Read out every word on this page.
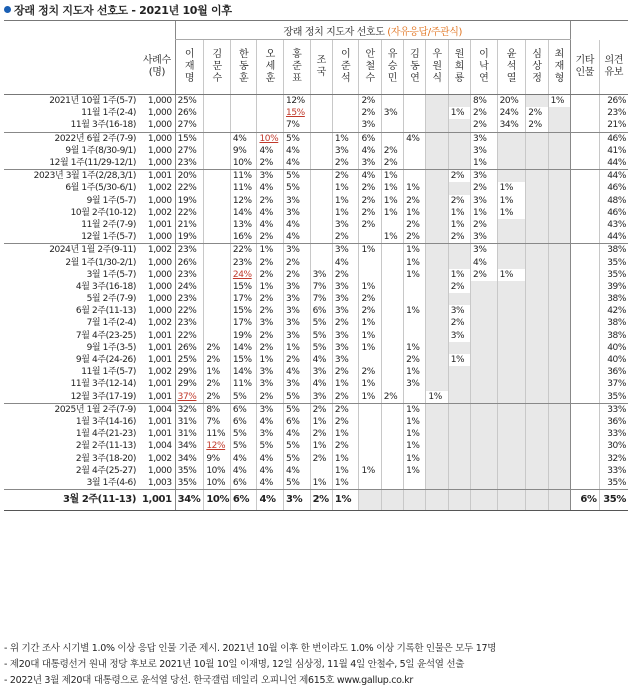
장래 정치 지도자 선호도 - 2021년 10월 이후
		장래 정치 지도자 선호도 (자유응답/주관식)																	
	사례수 (명)	이재명	김문수	한동훈	오세훈	홍준표	조국	이준석	안철수	유승민	김동연	우원식	원희룡	이낙연	윤석열	심상정	최재형	기타 인물	의견 유보
2021년 10월 1주(5-7)	1,000	25%				12%			2%					8%	20%		1%		26%
11월 1주(2-4)	1,000	26%				15%			2%	3%			1%	2%	24%	2%			23%
11월 3주(16-18)	1,000	27%				7%			3%					2%	34%	2%			21%
2022년 6월 2주(7-9)	1,000	15%		4%	10%	5%		1%	6%		4%			3%					46%
9월 1주(8/30-9/1)	1,000	27%		9%	4%	4%		3%	4%	2%				3%					41%
12월 1주(11/29-12/1)	1,000	23%		10%	2%	4%		2%	3%	2%				1%					44%
2023년 3월 1주(2/28,3/1)	1,001	20%		11%	3%	5%		2%	4%	1%			2%	3%					44%
6월 1주(5/30-6/1)	1,002	22%		11%	4%	5%		1%	2%	1%	1%			2%	1%				46%
9월 1주(5-7)	1,000	19%		12%	2%	3%		1%	2%	1%	2%		2%	3%	1%				48%
10월 2주(10-12)	1,002	22%		14%	4%	3%		1%	2%	1%	1%		1%	1%	1%				46%
11월 2주(7-9)	1,001	21%		13%	4%	4%		3%	2%		2%		1%	2%					43%
12월 1주(5-7)	1,000	19%		16%	2%	4%		2%		1%	2%		2%	3%					44%
2024년 1월 2주(9-11)	1,002	23%		22%	1%	3%		3%	1%		1%			3%					38%
2월 1주(1/30-2/1)	1,000	26%		23%	2%	2%		4%			1%			4%					35%
3월 1주(5-7)	1,000	23%		24%	2%	2%	3%	2%			1%		1%	2%	1%				35%
4월 3주(16-18)	1,000	24%		15%	1%	3%	7%	3%	1%				2%						39%
5월 2주(7-9)	1,000	23%		17%	2%	3%	7%	3%	2%										38%
6월 2주(11-13)	1,000	22%		15%	2%	3%	6%	3%	2%		1%		3%						42%
7월 1주(2-4)	1,002	23%		17%	3%	3%	5%	2%	1%				2%						38%
7월 4주(23-25)	1,001	22%		19%	2%	3%	5%	3%	1%				3%						38%
9월 1주(3-5)	1,001	26%	2%	14%	2%	1%	5%	3%	1%		1%								40%
9월 4주(24-26)	1,001	25%	2%	15%	1%	2%	4%	3%			2%		1%						40%
11월 1주(5-7)	1,002	29%	1%	14%	3%	4%	3%	2%	2%		1%								36%
11월 3주(12-14)	1,001	29%	2%	11%	3%	3%	4%	1%	1%		3%								37%
12월 3주(17-19)	1,001	37%	2%	5%	2%	5%	3%	2%	1%	2%		1%							35%
2025년 1월 2주(7-9)	1,004	32%	8%	6%	3%	5%	2%	2%			1%								33%
1월 3주(14-16)	1,001	31%	7%	6%	4%	6%	1%	2%			1%								36%
1월 4주(21-23)	1,001	31%	11%	5%	3%	4%	2%	1%			1%								33%
2월 2주(11-13)	1,004	34%	12%	5%	5%	5%	1%	2%			1%								30%
2월 3주(18-20)	1,002	34%	9%	4%	4%	5%	2%	1%			1%								32%
2월 4주(25-27)	1,000	35%	10%	4%	4%	4%		1%	1%		1%								33%
3월 1주(4-6)	1,003	35%	10%	6%	4%	5%	1%	1%											35%
3월 2주(11-13)	1,001	34%	10%	6%	4%	3%	2%	1%										6%	35%
- 위 기간 조사 시기별 1.0% 이상 응답 인물 기준 제시. 2021년 10월 이후 한 번이라도 1.0% 이상 기록한 인물은 모두 17명
- 제20대 대통령선거 원내 정당 후보로 2021년 10월 10일 이재명, 12일 심상정, 11월 4일 안철수, 5일 윤석열 선출
- 2022년 3월 제20대 대통령으로 윤석열 당선. 한국갤럽 데일리 오피니언 제615호 www.gallup.co.kr
